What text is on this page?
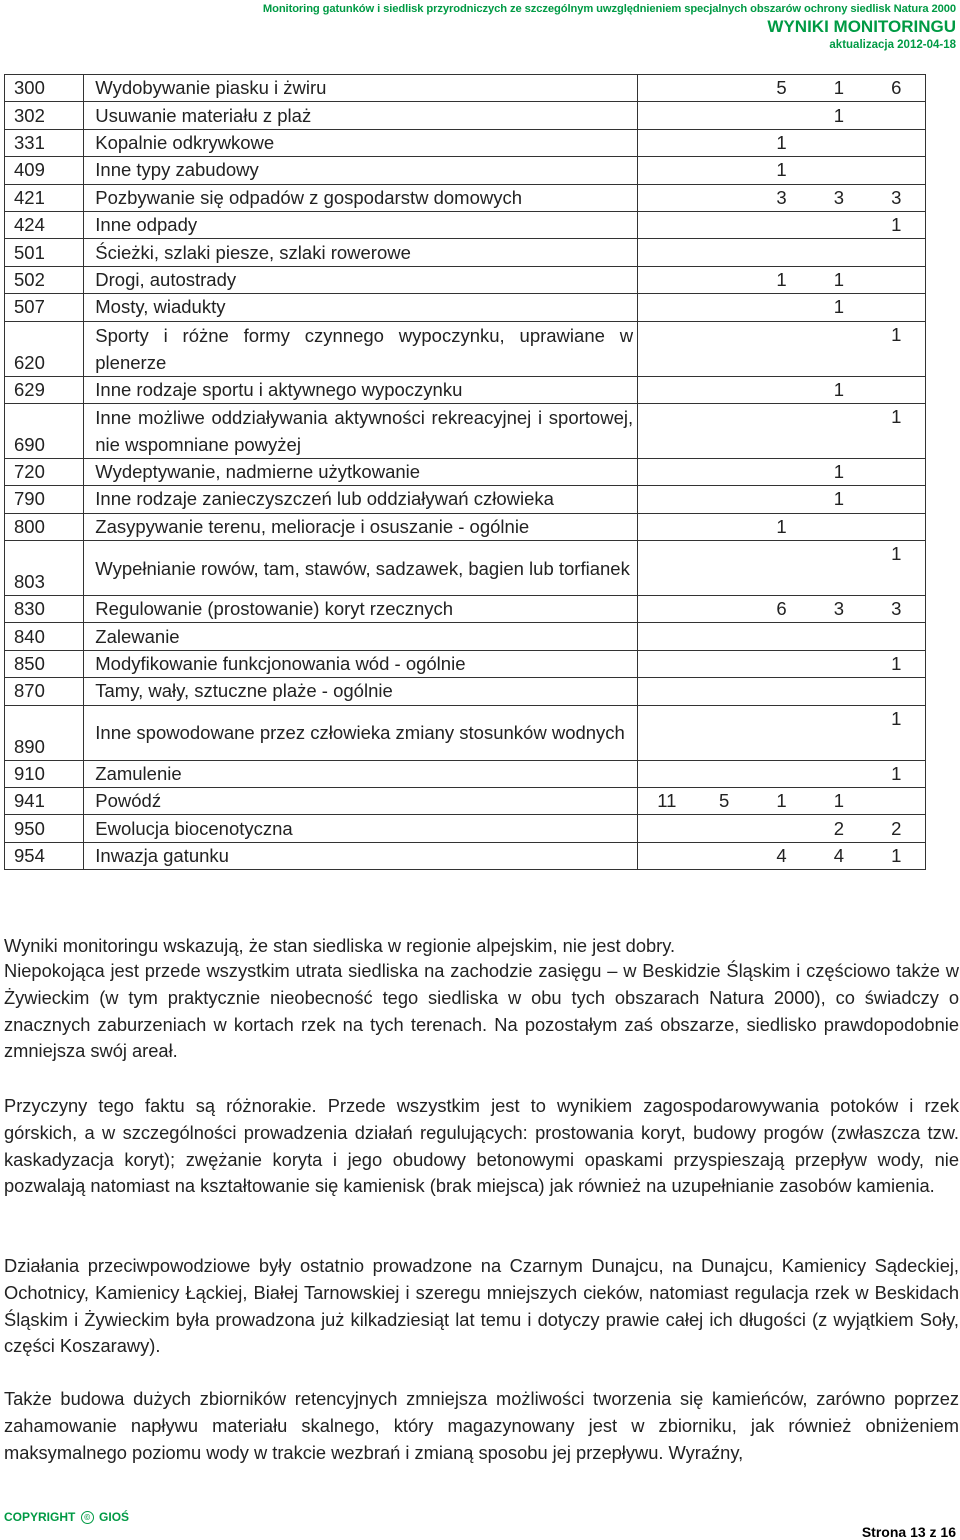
Monitoring gatunków i siedlisk przyrodniczych ze szczególnym uwzględnieniem specjalnych obszarów ochrony siedlisk Natura 2000
WYNIKI MONITORINGU
aktualizacja 2012-04-18
300	Wydobywanie piasku i żwiru			5	1	6
302	Usuwanie materiału z plaż				1	
331	Kopalnie odkrywkowe			1		
409	Inne typy zabudowy			1		
421	Pozbywanie się odpadów z gospodarstw domowych			3	3	3
424	Inne odpady					1
501	Ścieżki, szlaki piesze, szlaki rowerowe					
502	Drogi, autostrady			1	1	
507	Mosty, wiadukty				1	
620	Sporty i różne formy czynnego wypoczynku, uprawiane w plenerze					1
629	Inne rodzaje sportu i aktywnego wypoczynku				1	
690	Inne możliwe oddziaływania aktywności rekreacyjnej i sportowej, nie wspomniane powyżej					1
720	Wydeptywanie, nadmierne użytkowanie				1	
790	Inne rodzaje zanieczyszczeń lub oddziaływań człowieka				1	
800	Zasypywanie terenu, melioracje i osuszanie - ogólnie			1		
803	Wypełnianie rowów, tam, stawów, sadzawek, bagien lub torfianek					1
830	Regulowanie (prostowanie) koryt rzecznych			6	3	3
840	Zalewanie					
850	Modyfikowanie funkcjonowania wód - ogólnie					1
870	Tamy, wały, sztuczne plaże - ogólnie					
890	Inne spowodowane przez człowieka zmiany stosunków wodnych					1
910	Zamulenie					1
941	Powódź	11	5	1	1	
950	Ewolucja biocenotyczna				2	2
954	Inwazja gatunku			4	4	1
Wyniki monitoringu wskazują, że stan siedliska w regionie alpejskim, nie jest dobry.
Niepokojąca jest przede wszystkim utrata siedliska na zachodzie zasięgu – w Beskidzie Śląskim i częściowo także w Żywieckim (w tym praktycznie nieobecność tego siedliska w obu tych obszarach Natura 2000), co świadczy o znacznych zaburzeniach w kortach rzek na tych terenach. Na pozostałym zaś obszarze, siedlisko prawdopodobnie zmniejsza swój areał.
Przyczyny tego faktu są różnorakie. Przede wszystkim jest to wynikiem zagospodarowywania potoków i rzek górskich, a w szczególności prowadzenia działań regulujących: prostowania koryt, budowy progów (zwłaszcza tzw. kaskadyzacja koryt); zwężanie koryta i jego obudowy betonowymi opaskami przyspieszają przepływ wody, nie pozwalają natomiast na kształtowanie się kamienisk (brak miejsca) jak również na uzupełnianie zasobów kamienia.
Działania przeciwpowodziowe były ostatnio prowadzone na Czarnym Dunajcu, na Dunajcu, Kamienicy Sądeckiej, Ochotnicy, Kamienicy Łąckiej, Białej Tarnowskiej i szeregu mniejszych cieków, natomiast regulacja rzek w Beskidach Śląskim i Żywieckim była prowadzona już kilkadziesiąt lat temu i dotyczy prawie całej ich długości (z wyjątkiem Soły, części Koszarawy).
Także budowa dużych zbiorników retencyjnych zmniejsza możliwości tworzenia się kamieńców, zarówno poprzez zahamowanie napływu materiału skalnego, który magazynowany jest w zbiorniku, jak również obniżeniem maksymalnego poziomu wody w trakcie wezbrań i zmianą sposobu jej przepływu. Wyraźny,
COPYRIGHT © GIOŚ
Strona 13 z 16
